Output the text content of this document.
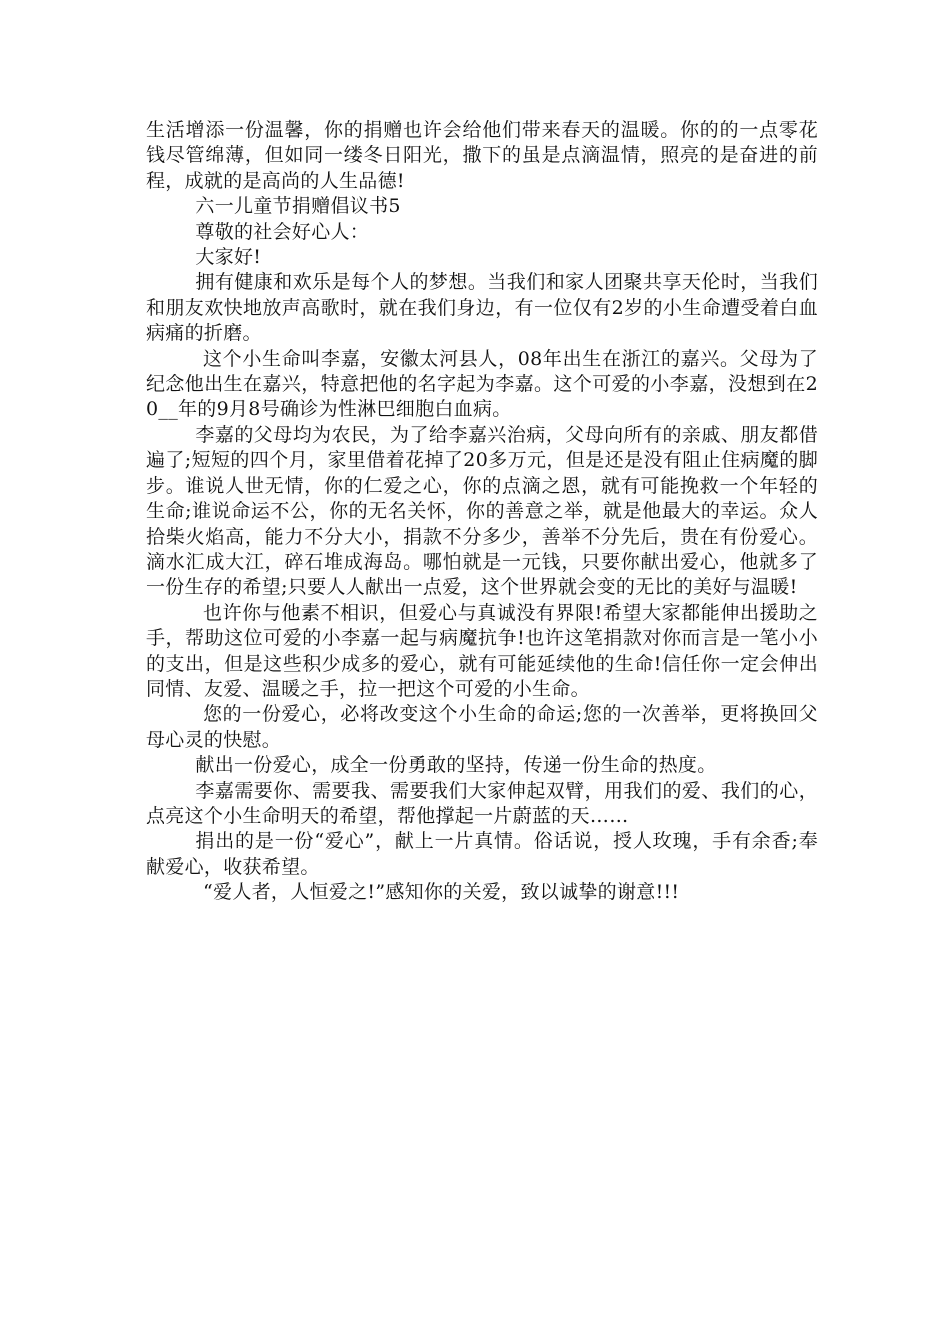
生活增添一份温馨，你的捐赠也许会给他们带来春天的温暖。你的的一点零花钱尽管绵薄，但如同一缕冬日阳光，撒下的虽是点滴温情，照亮的是奋进的前程，成就的是高尚的人生品德!

六一儿童节捐赠倡议书5

尊敬的社会好心人：

大家好!

拥有健康和欢乐是每个人的梦想。当我们和家人团聚共享天伦时，当我们和朋友欢快地放声高歌时，就在我们身边，有一位仅有2岁的小生命遭受着白血病痛的折磨。

这个小生命叫李嘉，安徽太河县人，08年出生在浙江的嘉兴。父母为了纪念他出生在嘉兴，特意把他的名字起为李嘉。这个可爱的小李嘉，没想到在20__年的9月8号确诊为性淋巴细胞白血病。

李嘉的父母均为农民，为了给李嘉兴治病，父母向所有的亲戚、朋友都借遍了;短短的四个月，家里借着花掉了20多万元，但是还是没有阻止住病魔的脚步。谁说人世无情，你的仁爱之心，你的点滴之恩，就有可能挽救一个年轻的生命;谁说命运不公，你的无名关怀，你的善意之举，就是他最大的幸运。众人拾柴火焰高，能力不分大小，捐款不分多少，善举不分先后，贵在有份爱心。滴水汇成大江，碎石堆成海岛。哪怕就是一元钱，只要你献出爱心，他就多了一份生存的希望;只要人人献出一点爱，这个世界就会变的无比的美好与温暖!

也许你与他素不相识，但爱心与真诚没有界限!希望大家都能伸出援助之手，帮助这位可爱的小李嘉一起与病魔抗争!也许这笔捐款对你而言是一笔小小的支出，但是这些积少成多的爱心，就有可能延续他的生命!信任你一定会伸出同情、友爱、温暖之手，拉一把这个可爱的小生命。

您的一份爱心，必将改变这个小生命的命运;您的一次善举，更将换回父母心灵的快慰。

献出一份爱心，成全一份勇敢的坚持，传递一份生命的热度。

李嘉需要你、需要我、需要我们大家伸起双臂，用我们的爱、我们的心，点亮这个小生命明天的希望，帮他撑起一片蔚蓝的天……

捐出的是一份“爱心”，献上一片真情。俗话说，授人玫瑰，手有余香;奉献爱心，收获希望。

“爱人者，人恒爱之!”感知你的关爱，致以诚挚的谢意!!!
